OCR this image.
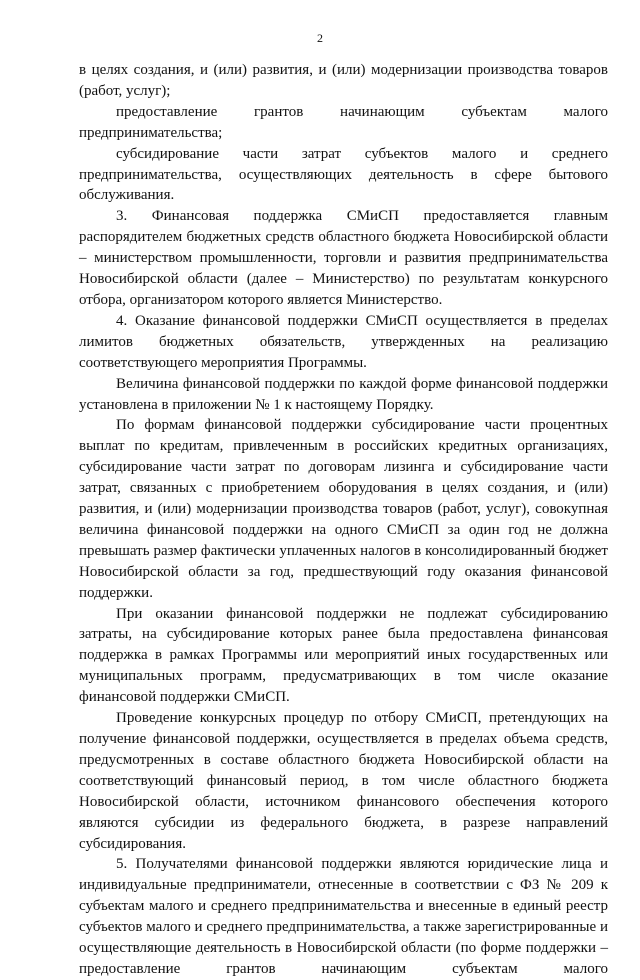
2

в целях создания, и (или) развития, и (или) модернизации производства товаров (работ, услуг);

предоставление грантов начинающим субъектам малого предпринимательства;

субсидирование части затрат субъектов малого и среднего предпринимательства, осуществляющих деятельность в сфере бытового обслуживания.

3. Финансовая поддержка СМиСП предоставляется главным распорядителем бюджетных средств областного бюджета Новосибирской области – министерством промышленности, торговли и развития предпринимательства Новосибирской области (далее – Министерство) по результатам конкурсного отбора, организатором которого является Министерство.

4. Оказание финансовой поддержки СМиСП осуществляется в пределах лимитов бюджетных обязательств, утвержденных на реализацию соответствующего мероприятия Программы.

Величина финансовой поддержки по каждой форме финансовой поддержки установлена в приложении № 1 к настоящему Порядку.

По формам финансовой поддержки субсидирование части процентных выплат по кредитам, привлеченным в российских кредитных организациях, субсидирование части затрат по договорам лизинга и субсидирование части затрат, связанных с приобретением оборудования в целях создания, и (или) развития, и (или) модернизации производства товаров (работ, услуг), совокупная величина финансовой поддержки на одного СМиСП за один год не должна превышать размер фактически уплаченных налогов в консолидированный бюджет Новосибирской области за год, предшествующий году оказания финансовой поддержки.

При оказании финансовой поддержки не подлежат субсидированию затраты, на субсидирование которых ранее была предоставлена финансовая поддержка в рамках Программы или мероприятий иных государственных или муниципальных программ, предусматривающих в том числе оказание финансовой поддержки СМиСП.

Проведение конкурсных процедур по отбору СМиСП, претендующих на получение финансовой поддержки, осуществляется в пределах объема средств, предусмотренных в составе областного бюджета Новосибирской области на соответствующий финансовый период, в том числе областного бюджета Новосибирской области, источником финансового обеспечения которого являются субсидии из федерального бюджета, в разрезе направлений субсидирования.

5. Получателями финансовой поддержки являются юридические лица и индивидуальные предприниматели, отнесенные в соответствии с ФЗ № 209 к субъектам малого и среднего предпринимательства и внесенные в единый реестр субъектов малого и среднего предпринимательства, а также зарегистрированные и осуществляющие деятельность в Новосибирской области (по форме поддержки – предоставление грантов начинающим субъектам малого
